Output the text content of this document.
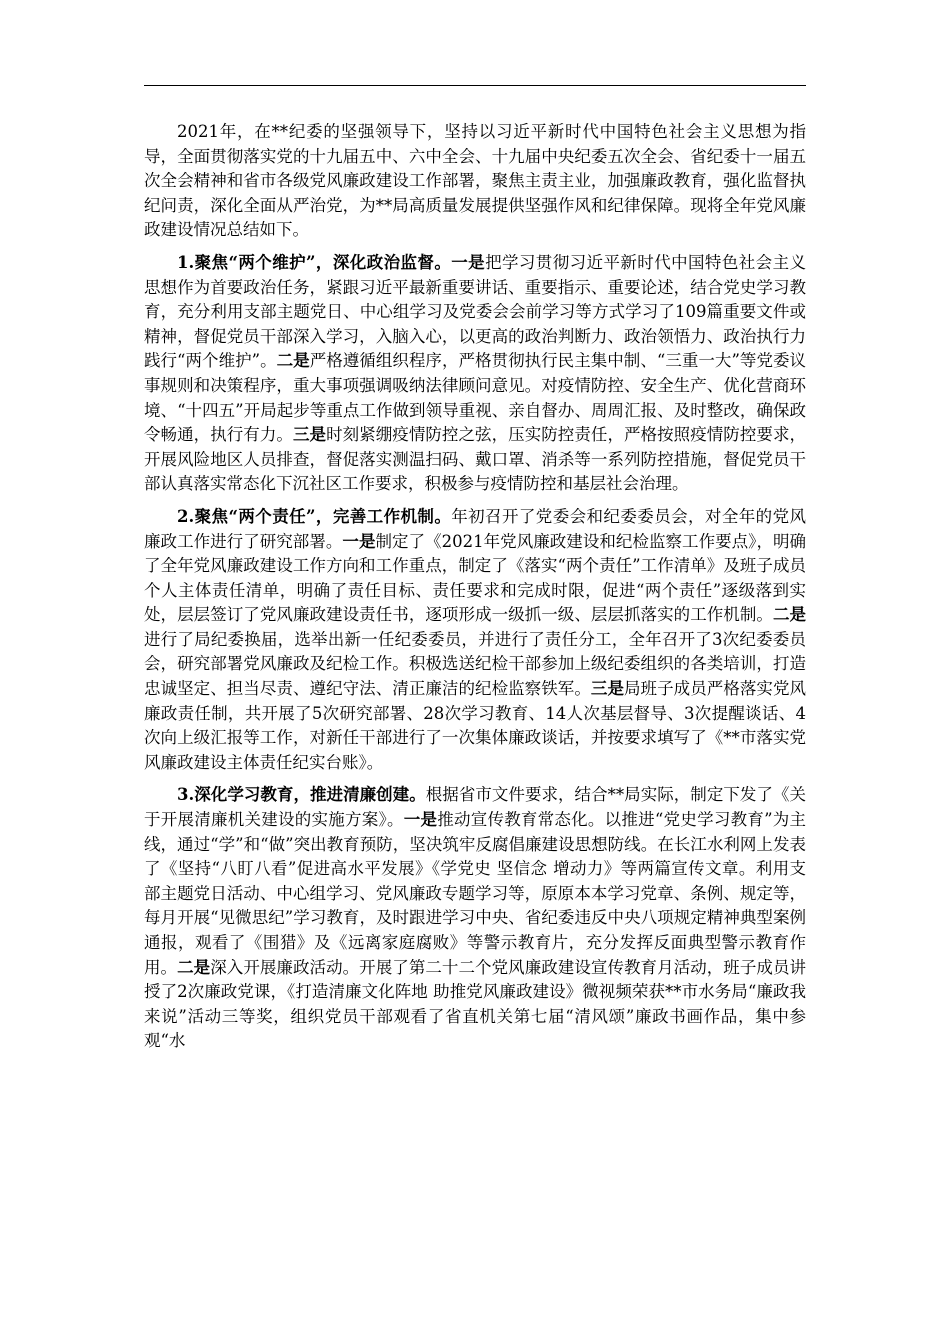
2021年，在**纪委的坚强领导下，坚持以习近平新时代中国特色社会主义思想为指导，全面贯彻落实党的十九届五中、六中全会、十九届中央纪委五次全会、省纪委十一届五次全会精神和省市各级党风廉政建设工作部署，聚焦主责主业，加强廉政教育，强化监督执纪问责，深化全面从严治党，为**局高质量发展提供坚强作风和纪律保障。现将全年党风廉政建设情况总结如下。

1.聚焦“两个维护”，深化政治监督。一是把学习贯彻习近平新时代中国特色社会主义思想作为首要政治任务，紧跟习近平最新重要讲话、重要指示、重要论述，结合党史学习教育，充分利用支部主题党日、中心组学习及党委会会前学习等方式学习了109篇重要文件或精神，督促党员干部深入学习，入脑入心，以更高的政治判断力、政治领悟力、政治执行力践行“两个维护”。二是严格遵循组织程序，严格贯彻执行民主集中制、“三重一大”等党委议事规则和决策程序，重大事项强调吸纳法律顾问意见。对疫情防控、安全生产、优化营商环境、“十四五”开局起步等重点工作做到领导重视、亲自督办、周周汇报、及时整改，确保政令畅通，执行有力。三是时刻紧绷疫情防控之弦，压实防控责任，严格按照疫情防控要求，开展风险地区人员排查，督促落实测温扫码、戴口罩、消杀等一系列防控措施，督促党员干部认真落实常态化下沉社区工作要求，积极参与疫情防控和基层社会治理。

2.聚焦“两个责任”，完善工作机制。年初召开了党委会和纪委委员会，对全年的党风廉政工作进行了研究部署。一是制定了《2021年党风廉政建设和纪检监察工作要点》，明确了全年党风廉政建设工作方向和工作重点，制定了《落实“两个责任”工作清单》及班子成员个人主体责任清单，明确了责任目标、责任要求和完成时限，促进“两个责任”逐级落到实处，层层签订了党风廉政建设责任书，逐项形成一级抓一级、层层抓落实的工作机制。二是进行了局纪委换届，选举出新一任纪委委员，并进行了责任分工，全年召开了3次纪委委员会，研究部署党风廉政及纪检工作。积极选送纪检干部参加上级纪委组织的各类培训，打造忠诚坚定、担当尽责、遵纪守法、清正廉洁的纪检监察铁军。三是局班子成员严格落实党风廉政责任制，共开展了5次研究部署、28次学习教育、14人次基层督导、3次提醒谈话、4次向上级汇报等工作，对新任干部进行了一次集体廉政谈话，并按要求填写了《**市落实党风廉政建设主体责任纪实台账》。

3.深化学习教育，推进清廉创建。根据省市文件要求，结合**局实际，制定下发了《关于开展清廉机关建设的实施方案》。一是推动宣传教育常态化。以推进“党史学习教育”为主线，通过“学”和“做”突出教育预防，坚决筑牢反腐倡廉建设思想防线。在长江水利网上发表了《坚持“八盯八看”促进高水平发展》《学党史 坚信念 增动力》等两篇宣传文章。利用支部主题党日活动、中心组学习、党风廉政专题学习等，原原本本学习党章、条例、规定等，每月开展“见微思纪”学习教育，及时跟进学习中央、省纪委违反中央八项规定精神典型案例通报，观看了《围猎》及《远离家庭腐败》等警示教育片，充分发挥反面典型警示教育作用。二是深入开展廉政活动。开展了第二十二个党风廉政建设宣传教育月活动，班子成员讲授了2次廉政党课，《打造清廉文化阵地 助推党风廉政建设》微视频荣获**市水务局“廉政我来说”活动三等奖，组织党员干部观看了省直机关第七届“清风颂”廉政书画作品，集中参观“水
